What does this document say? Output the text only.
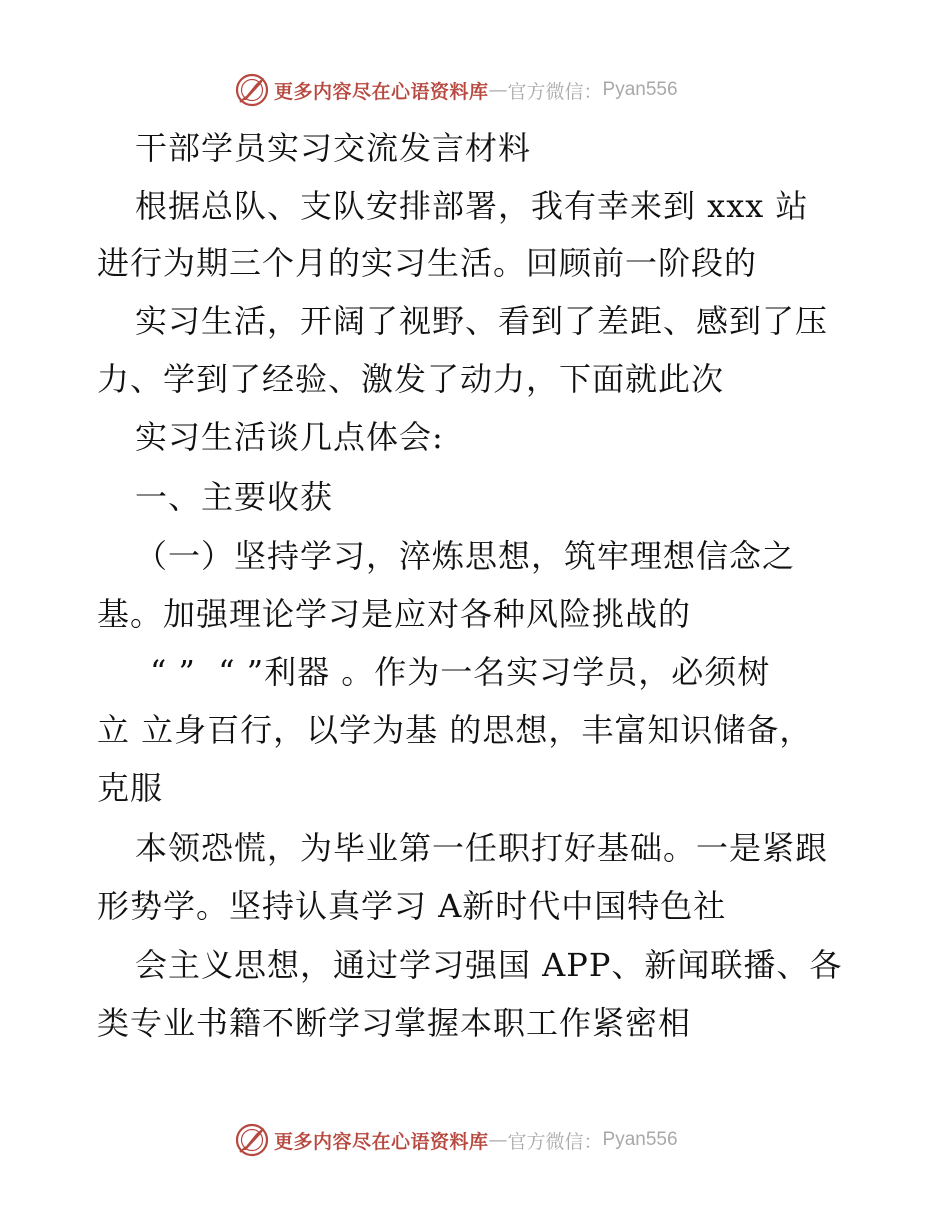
更多内容尽在心语资料库 — 官方微信： Pyan556
干部学员实习交流发言材料
根据总队、支队安排部署，我有幸来到 xxx 站
进行为期三个月的实习生活。回顾前一阶段的
实习生活，开阔了视野、看到了差距、感到了压
力、学到了经验、激发了动力，下面就此次
实习生活谈几点体会:
一、主要收获
（一）坚持学习，淬炼思想，筑牢理想信念之
基。加强理论学习是应对各种风险挑战的
“ ”  “ ”利器 。作为一名实习学员，必须树
立 立身百行，以学为基 的思想，丰富知识储备，
克服
本领恐慌，为毕业第一任职打好基础。一是紧跟
形势学。坚持认真学习 A新时代中国特色社
会主义思想，通过学习强国 APP、新闻联播、各
类专业书籍不断学习掌握本职工作紧密相
更多内容尽在心语资料库 — 官方微信： Pyan556
